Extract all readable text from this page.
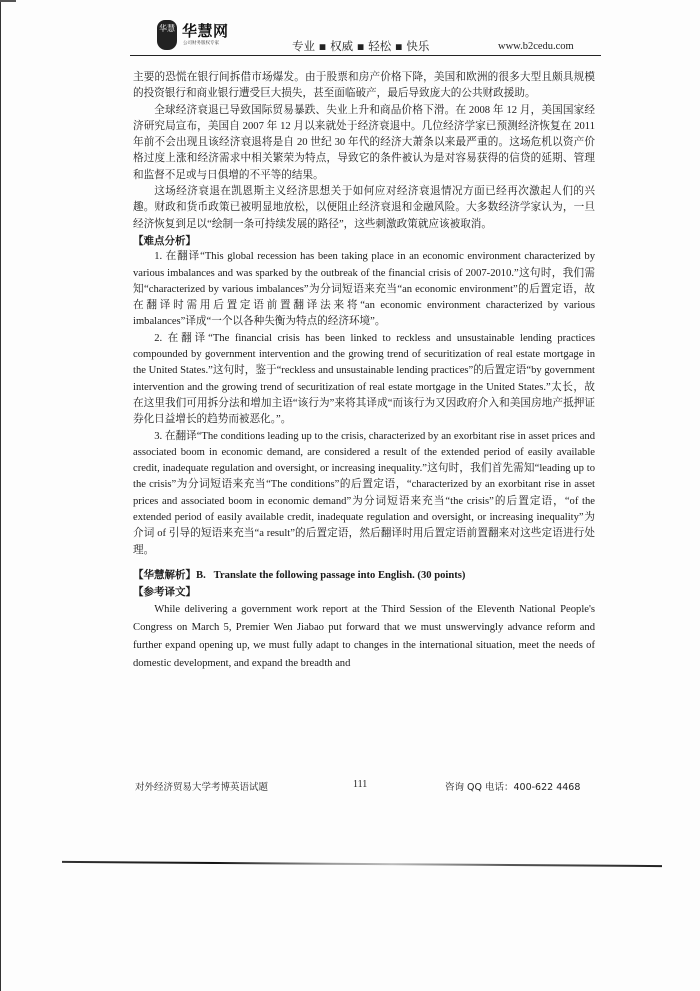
华慧 华慧网
公司财务版权专家	专业 ▪ 权威 ▪ 轻松 ▪ 快乐	www.b2cedu.com

主要的恐慌在银行间拆借市场爆发。由于股票和房产价格下降，美国和欧洲的很多大型且颇具规模的投资银行和商业银行遭受巨大损失，甚至面临破产，最后导致庞大的公共财政援助。

全球经济衰退已导致国际贸易暴跌、失业上升和商品价格下滑。在 2008 年 12 月，美国国家经济研究局宣布，美国自 2007 年 12 月以来就处于经济衰退中。几位经济学家已预测经济恢复在 2011 年前不会出现且该经济衰退将是自 20 世纪 30 年代的经济大萧条以来最严重的。这场危机以资产价格过度上涨和经济需求中相关繁荣为特点，导致它的条件被认为是对容易获得的信贷的延期、管理和监督不足或与日俱增的不平等的结果。

这场经济衰退在凯恩斯主义经济思想关于如何应对经济衰退情况方面已经再次激起人们的兴趣。财政和货币政策已被明显地放松，以便阻止经济衰退和金融风险。大多数经济学家认为，一旦经济恢复到足以“绘制一条可持续发展的路径”，这些刺激政策就应该被取消。

【难点分析】

1. 在翻译“This global recession has been taking place in an economic environment characterized by various imbalances and was sparked by the outbreak of the financial crisis of 2007-2010.”这句时，我们需知“characterized by various imbalances”为分词短语来充当“an economic environment”的后置定语，故在翻译时需用后置定语前置翻译法来将“an economic environment characterized by various imbalances”译成“一个以各种失衡为特点的经济环境”。

2. 在翻译“The financial crisis has been linked to reckless and unsustainable lending practices compounded by government intervention and the growing trend of securitization of real estate mortgage in the United States.”这句时，鉴于“reckless and unsustainable lending practices”的后置定语“by government intervention and the growing trend of securitization of real estate mortgage in the United States.”太长，故在这里我们可用拆分法和增加主语“该行为”来将其译成“而该行为又因政府介入和美国房地产抵押证券化日益增长的趋势而被恶化。”。

3. 在翻译“The conditions leading up to the crisis, characterized by an exorbitant rise in asset prices and associated boom in economic demand, are considered a result of the extended period of easily available credit, inadequate regulation and oversight, or increasing inequality.”这句时，我们首先需知“leading up to the crisis”为分词短语来充当“The conditions”的后置定语，“characterized by an exorbitant rise in asset prices and associated boom in economic demand”为分词短语来充当“the crisis”的后置定语，“of the extended period of easily available credit, inadequate regulation and oversight, or increasing inequality”为介词 of 引导的短语来充当“a result”的后置定语，然后翻译时用后置定语前置翻来对这些定语进行处理。

【华慧解析】B. Translate the following passage into English. (30 points)

【参考译文】

While delivering a government work report at the Third Session of the Eleventh National People's Congress on March 5, Premier Wen Jiabao put forward that we must unswervingly advance reform and further expand opening up, we must fully adapt to changes in the international situation, meet the needs of domestic development, and expand the breadth and

对外经济贸易大学考博英语试题	111	咨询 QQ 电话：400-622 4468
